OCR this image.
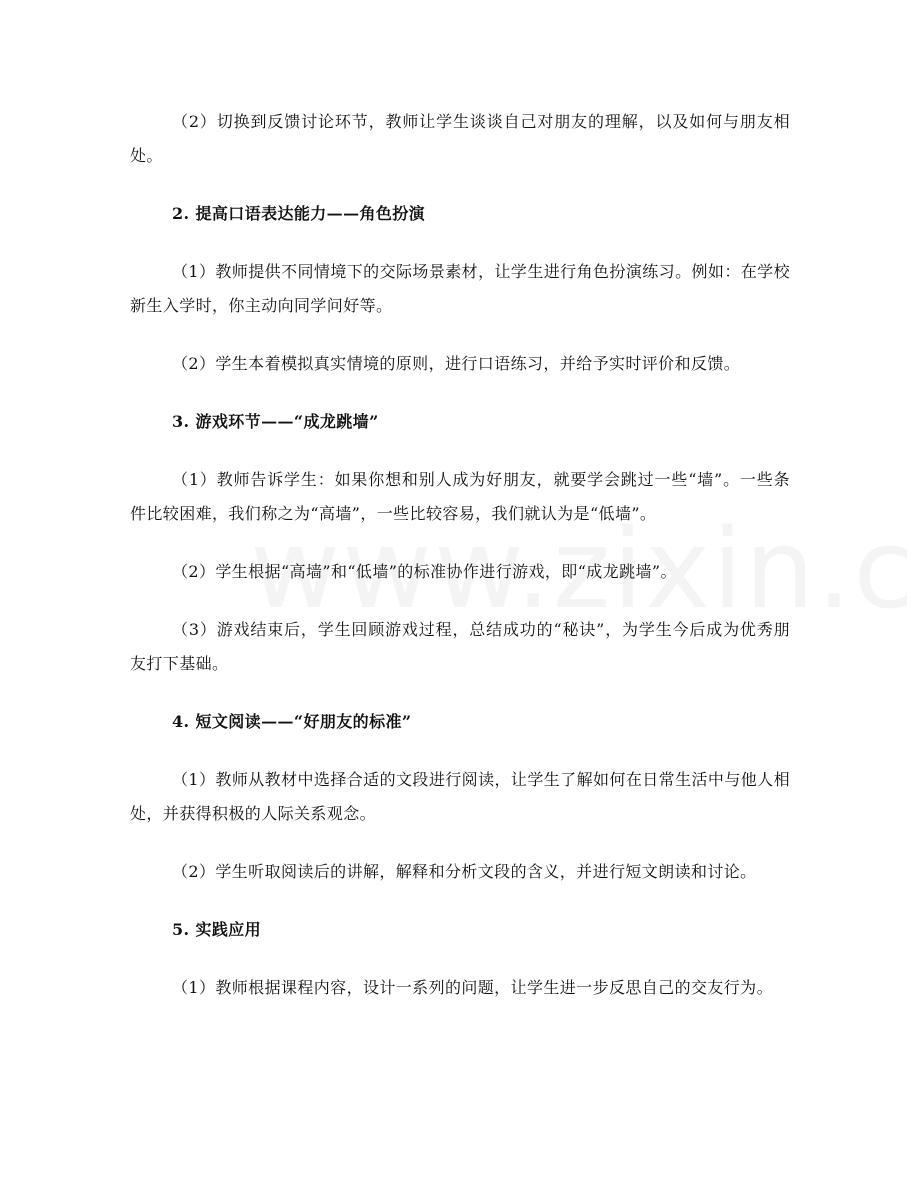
（2）切换到反馈讨论环节，教师让学生谈谈自己对朋友的理解，以及如何与朋友相处。

2. 提高口语表达能力——角色扮演

（1）教师提供不同情境下的交际场景素材，让学生进行角色扮演练习。例如：在学校新生入学时，你主动向同学问好等。

（2）学生本着模拟真实情境的原则，进行口语练习，并给予实时评价和反馈。

3. 游戏环节——“成龙跳墙”

（1）教师告诉学生：如果你想和别人成为好朋友，就要学会跳过一些“墙”。一些条件比较困难，我们称之为“高墙”，一些比较容易，我们就认为是“低墙”。

（2）学生根据“高墙”和“低墙”的标准协作进行游戏，即“成龙跳墙”。

（3）游戏结束后，学生回顾游戏过程，总结成功的“秘诀”，为学生今后成为优秀朋友打下基础。

4. 短文阅读——“好朋友的标准”

（1）教师从教材中选择合适的文段进行阅读，让学生了解如何在日常生活中与他人相处，并获得积极的人际关系观念。

（2）学生听取阅读后的讲解，解释和分析文段的含义，并进行短文朗读和讨论。

5. 实践应用

（1）教师根据课程内容，设计一系列的问题，让学生进一步反思自己的交友行为。
